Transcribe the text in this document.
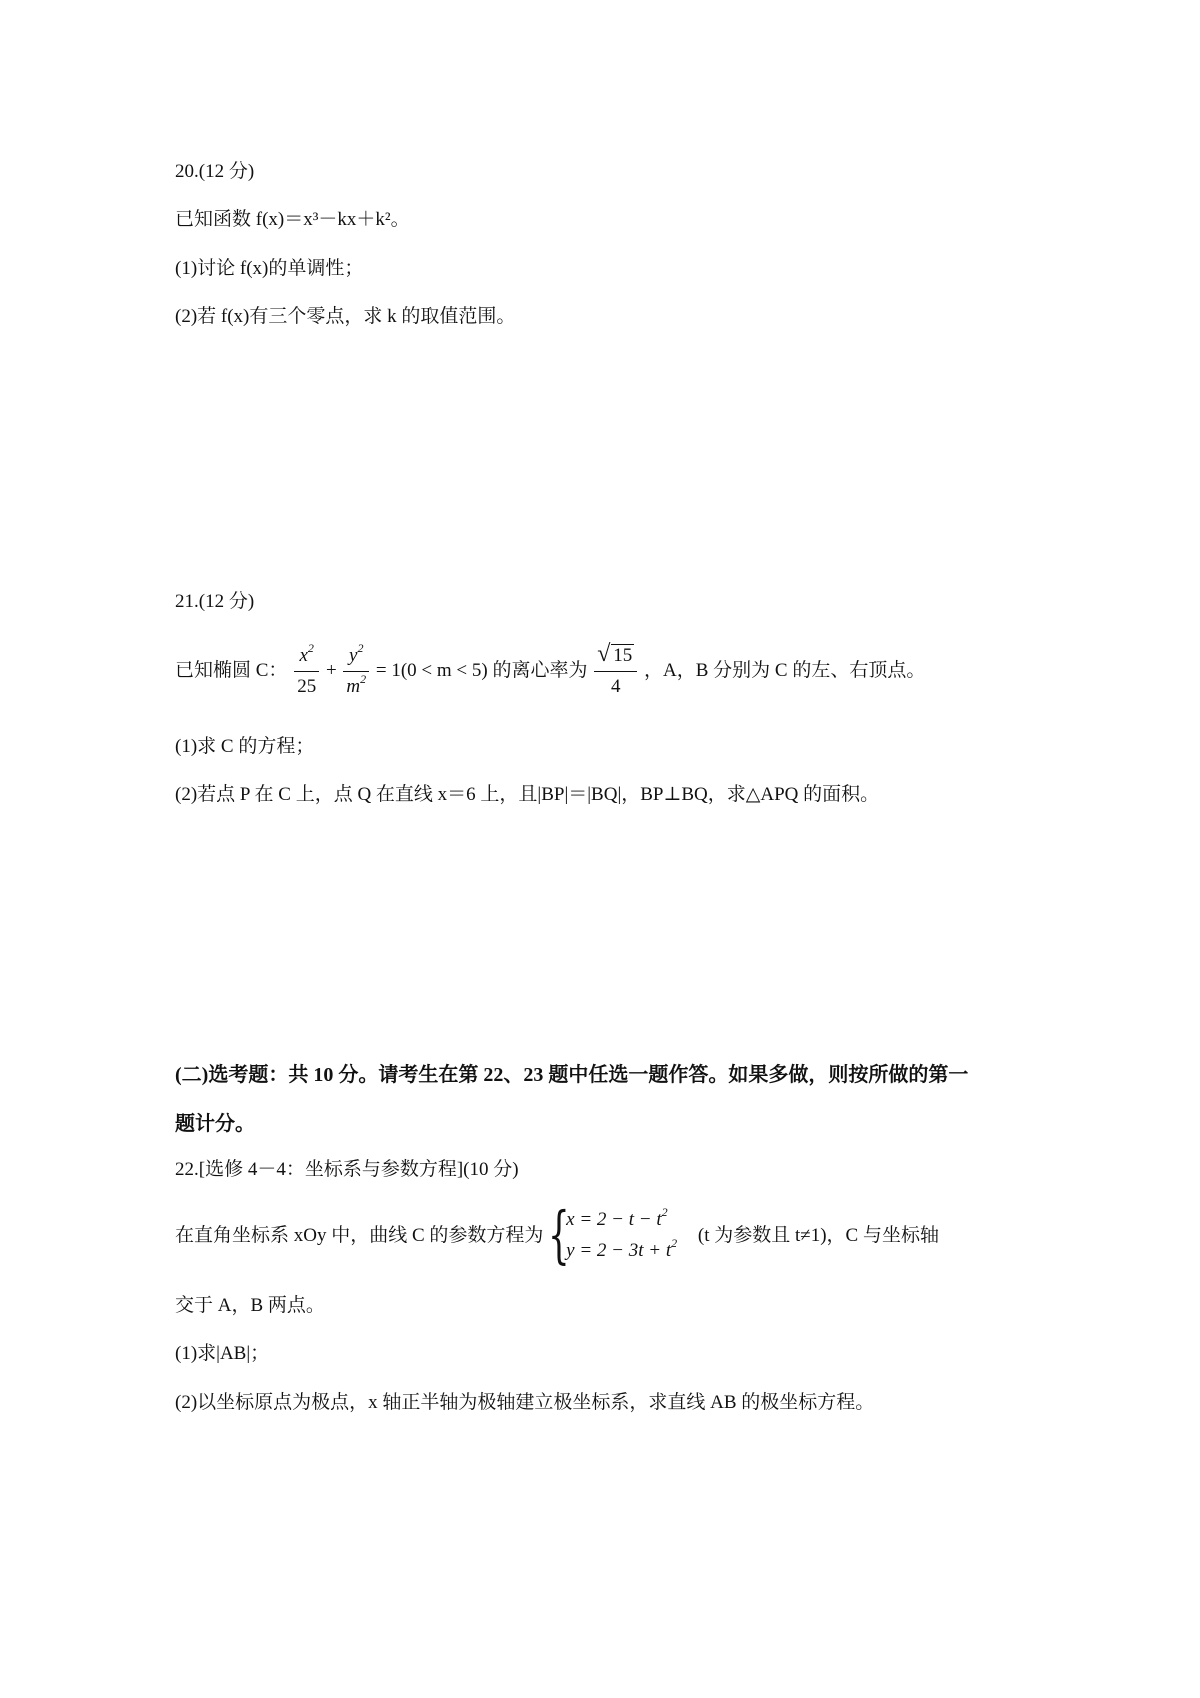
20.(12 分)
已知函数 f(x)＝x³－kx＋k²。
(1)讨论 f(x)的单调性；
(2)若 f(x)有三个零点，求 k 的取值范围。
21.(12 分)
已知椭圆 C： $\frac{x^2}{25} + \frac{y^2}{m^2} = 1(0 < m < 5)$ 的离心率为 $\frac{√ 15}{4}$ ，A，B 分别为 C 的左、右顶点。
(1)求 C 的方程；
(2)若点 P 在 C 上，点 Q 在直线 x＝6 上，且|BP|＝|BQ|，BP⊥BQ，求△APQ 的面积。
(二)选考题：共 10 分。请考生在第 22、23 题中任选一题作答。如果多做，则按所做的第一
题计分。
22.[选修 4－4：坐标系与参数方程](10 分)
在直角坐标系 xOy 中，曲线 C 的参数方程为 {
$x = 2 - t - t^2$
$y = 2 - 3t + t^2$ (t 为参数且 t≠1)，C 与坐标轴
交于 A，B 两点。
(1)求|AB|；
(2)以坐标原点为极点，x 轴正半轴为极轴建立极坐标系，求直线 AB 的极坐标方程。
